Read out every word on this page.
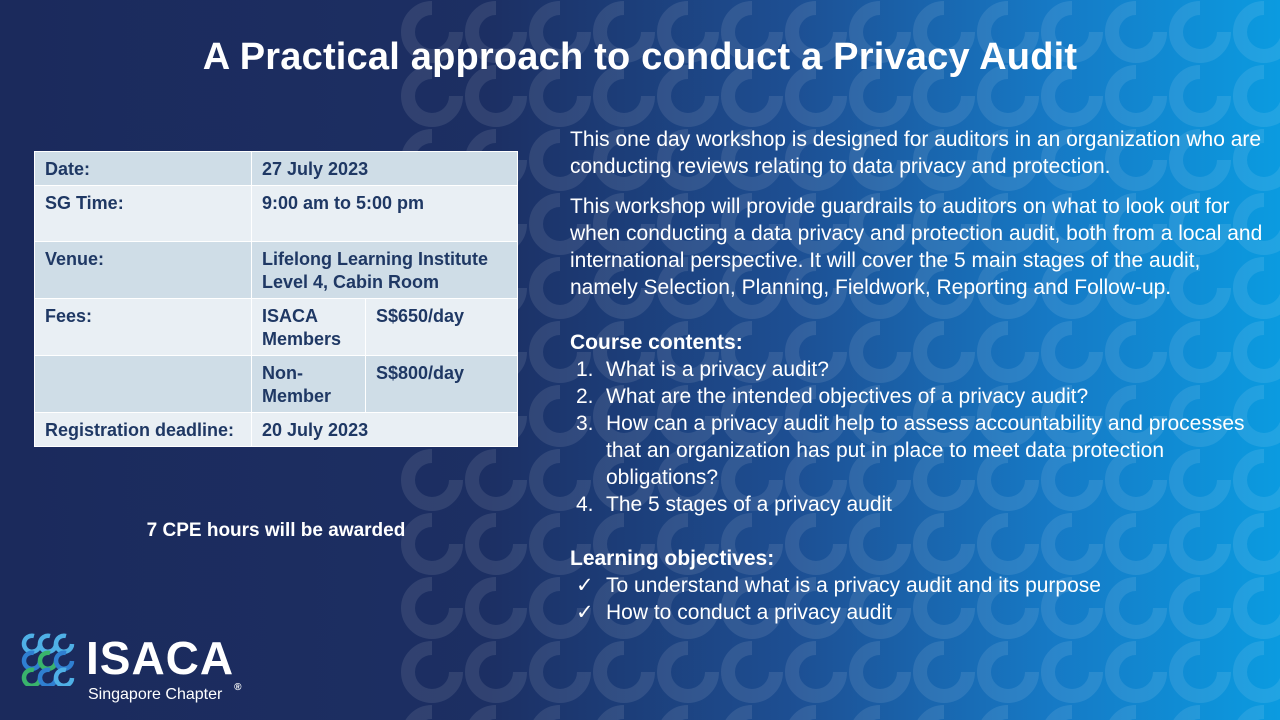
A Practical approach to conduct a Privacy Audit
Date:	27 July 2023	
SG Time:	9:00 am to 5:00 pm	
Venue:	Lifelong Learning Institute
Level 4, Cabin Room	

Fees:	ISACA Members	S$650/day
	Non-Member	S$800/day
Registration deadline:	20 July 2023	
7 CPE hours will be awarded

This one day workshop is designed for auditors in an organization who are conducting reviews relating to data privacy and protection.

This workshop will provide guardrails to auditors on what to look out for when conducting a data privacy and protection audit, both from a local and international perspective. It will cover the 5 main stages of the audit, namely Selection, Planning, Fieldwork, Reporting and Follow-up.

Course contents:

1. What is a privacy audit?
2. What are the intended objectives of a privacy audit?
3. How can a privacy audit help to assess accountability and processes that an organization has put in place to meet data protection obligations?
4. The 5 stages of a privacy audit

Learning objectives:

✓ To understand what is a privacy audit and its purpose
✓ How to conduct a privacy audit
ISACA®
Singapore Chapter
